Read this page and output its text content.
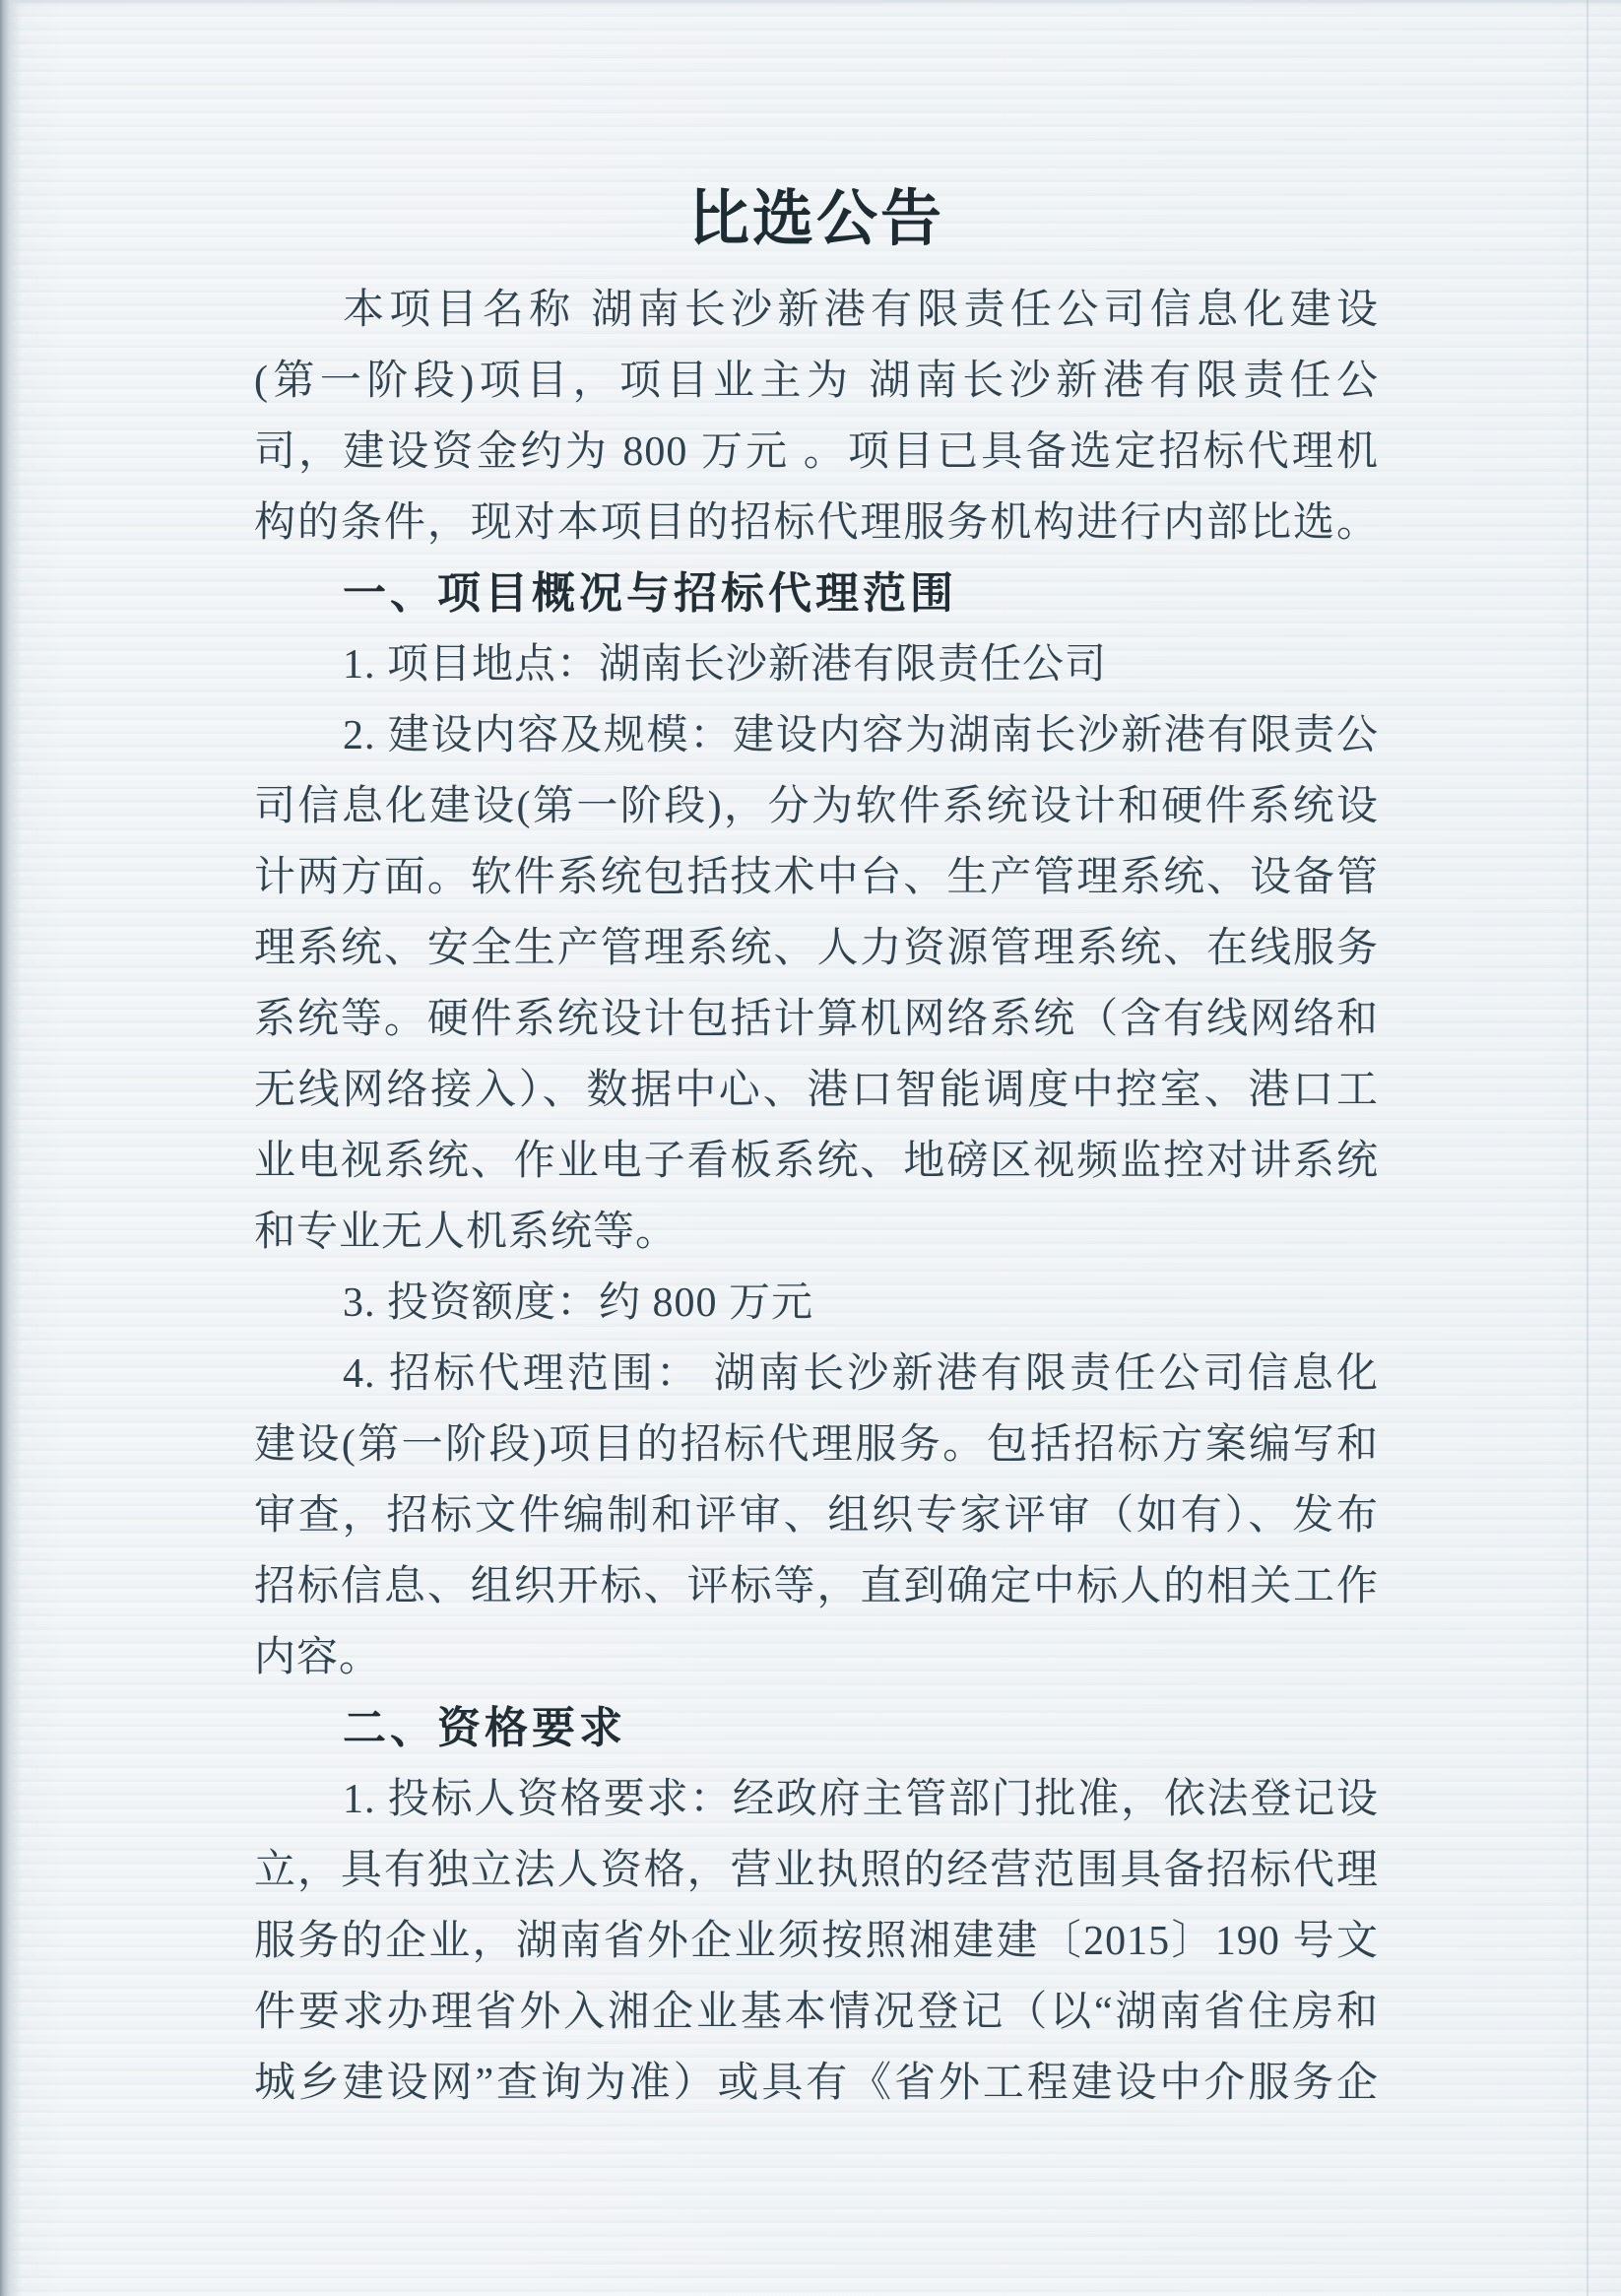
比选公告
本项目名称 湖南长沙新港有限责任公司信息化建设
(第一阶段)项目，项目业主为 湖南长沙新港有限责任公
司，建设资金约为 800 万元 。项目已具备选定招标代理机
构的条件，现对本项目的招标代理服务机构进行内部比选。
一、项目概况与招标代理范围
1. 项目地点：湖南长沙新港有限责任公司
2. 建设内容及规模：建设内容为湖南长沙新港有限责公
司信息化建设(第一阶段)，分为软件系统设计和硬件系统设
计两方面。软件系统包括技术中台、生产管理系统、设备管
理系统、安全生产管理系统、人力资源管理系统、在线服务
系统等。硬件系统设计包括计算机网络系统（含有线网络和
无线网络接入）、数据中心、港口智能调度中控室、港口工
业电视系统、作业电子看板系统、地磅区视频监控对讲系统
和专业无人机系统等。
3. 投资额度：约 800 万元
4. 招标代理范围： 湖南长沙新港有限责任公司信息化
建设(第一阶段)项目的招标代理服务。包括招标方案编写和
审查，招标文件编制和评审、组织专家评审（如有）、发布
招标信息、组织开标、评标等，直到确定中标人的相关工作
内容。
二、资格要求
1. 投标人资格要求：经政府主管部门批准，依法登记设
立，具有独立法人资格，营业执照的经营范围具备招标代理
服务的企业，湖南省外企业须按照湘建建〔2015〕190 号文
件要求办理省外入湘企业基本情况登记（以“湖南省住房和
城乡建设网”查询为准）或具有《省外工程建设中介服务企
